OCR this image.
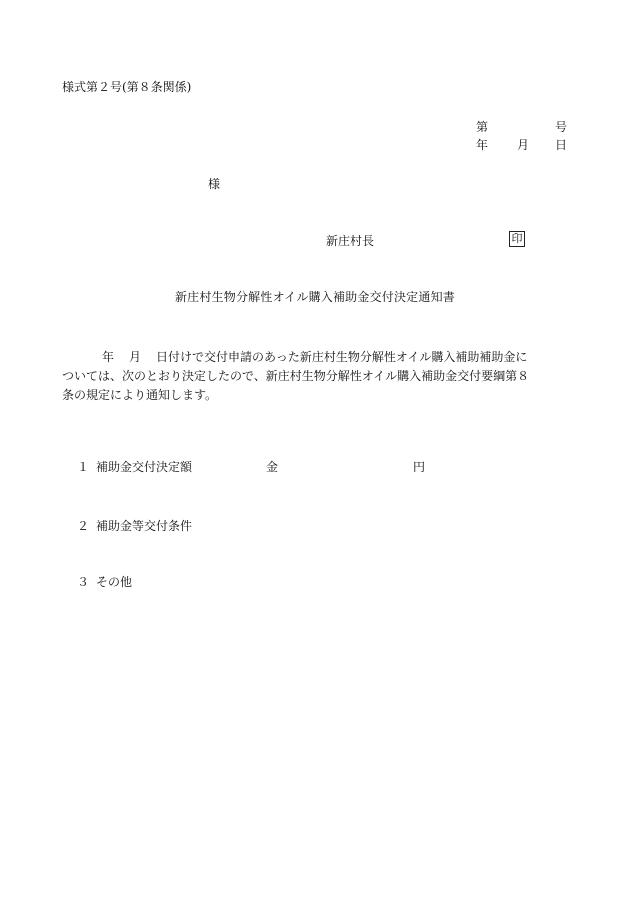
様式第２号(第８条関係)
第	号
年 月 日
様
新庄村長	印
新庄村生物分解性オイル購入補助金交付決定通知書
年 月 日付けで交付申請のあった新庄村生物分解性オイル購入補助補助金に
ついては、次のとおり決定したので、新庄村生物分解性オイル購入補助金交付要綱第８
条の規定により通知します。
１ 補助金交付決定額	金	円
２ 補助金等交付条件
３ その他
